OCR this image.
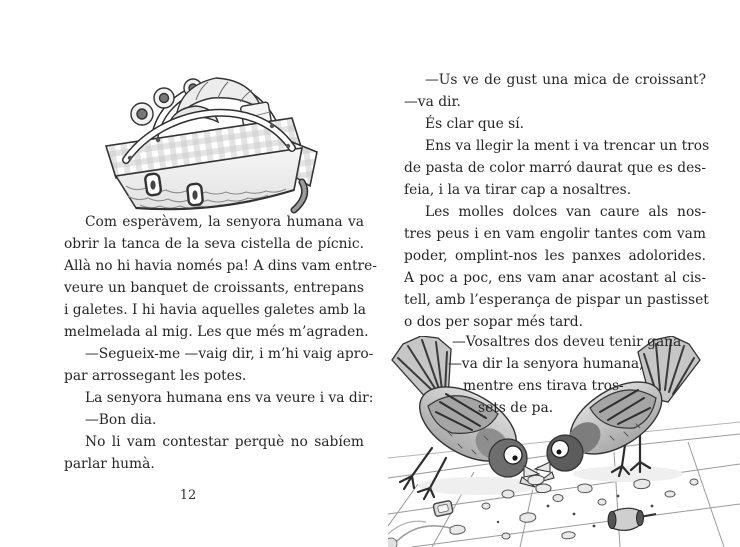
Com esperàvem, la senyora humana va

obrir la tanca de la seva cistella de pícnic.

Allà no hi havia només pa! A dins vam entre-

veure un banquet de croissants, entrepans

i galetes. I hi havia aquelles galetes amb la

melmelada al mig. Les que més m’agraden.

—Segueix-me —vaig dir, i m’hi vaig apro-

par arrossegant les potes.

La senyora humana ens va veure i va dir:

—Bon dia.

No li vam contestar perquè no sabíem

parlar humà.

12

—Us ve de gust una mica de croissant?

—va dir.

És clar que sí.

Ens va llegir la ment i va trencar un tros

de pasta de color marró daurat que es des-

feia, i la va tirar cap a nosaltres.

Les molles dolces van caure als nos-

tres peus i en vam engolir tantes com vam

poder, omplint-nos les panxes adolorides.

A poc a poc, ens vam anar acostant al cis-

tell, amb l’esperança de pispar un pastisset

o dos per sopar més tard.

—Vosaltres dos deveu tenir gana

—va dir la senyora humana,

mentre ens tirava tros-

sets de pa.
